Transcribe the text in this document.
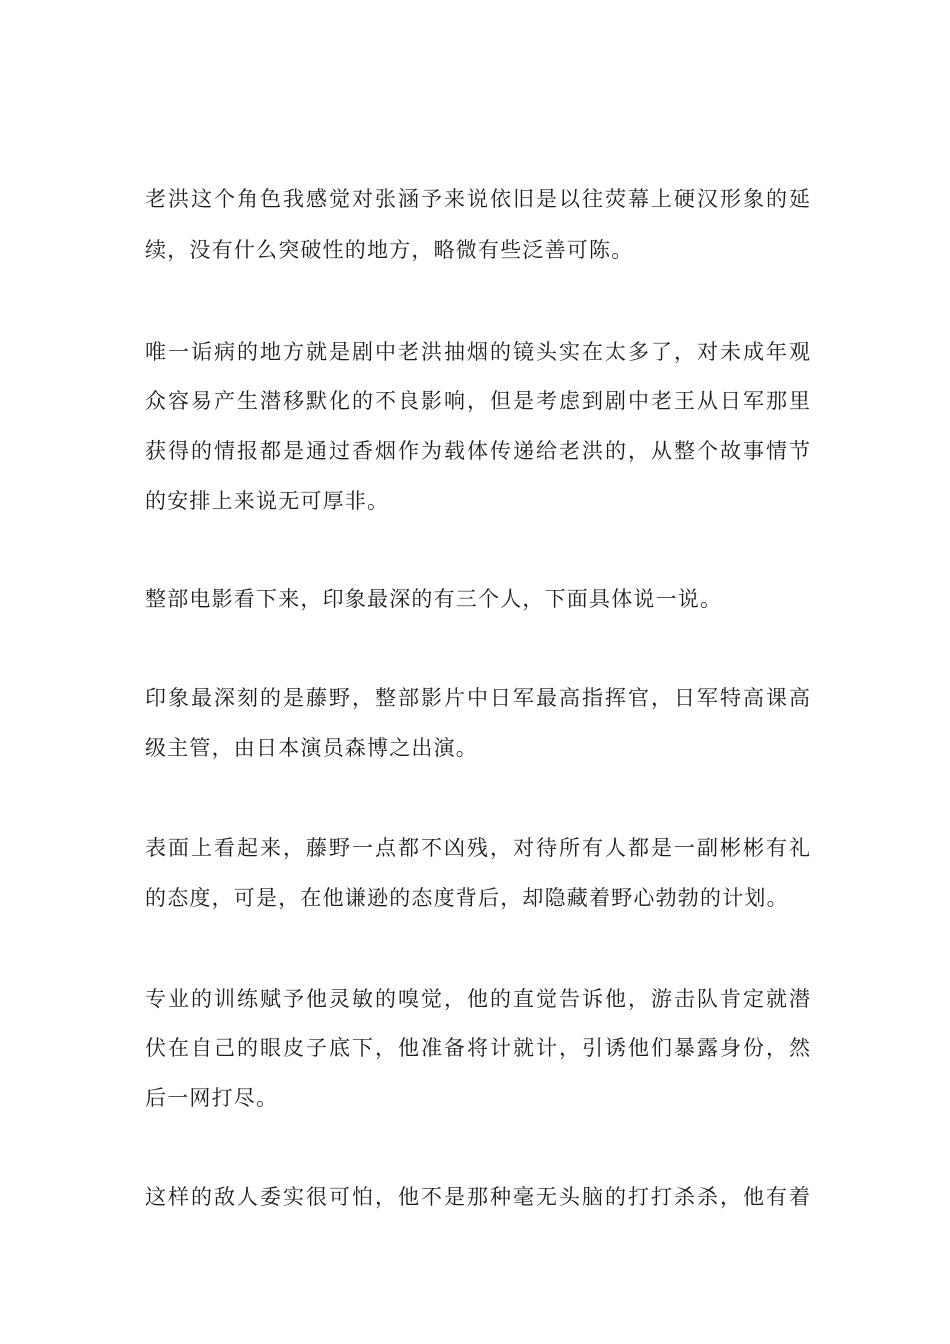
老洪这个角色我感觉对张涵予来说依旧是以往荧幕上硬汉形象的延
续，没有什么突破性的地方，略微有些泛善可陈。
唯一诟病的地方就是剧中老洪抽烟的镜头实在太多了，对未成年观
众容易产生潜移默化的不良影响，但是考虑到剧中老王从日军那里
获得的情报都是通过香烟作为载体传递给老洪的，从整个故事情节
的安排上来说无可厚非。
整部电影看下来，印象最深的有三个人，下面具体说一说。
印象最深刻的是藤野，整部影片中日军最高指挥官，日军特高课高
级主管，由日本演员森博之出演。
表面上看起来，藤野一点都不凶残，对待所有人都是一副彬彬有礼
的态度，可是，在他谦逊的态度背后，却隐藏着野心勃勃的计划。
专业的训练赋予他灵敏的嗅觉，他的直觉告诉他，游击队肯定就潜
伏在自己的眼皮子底下，他准备将计就计，引诱他们暴露身份，然
后一网打尽。
这样的敌人委实很可怕，他不是那种毫无头脑的打打杀杀，他有着
